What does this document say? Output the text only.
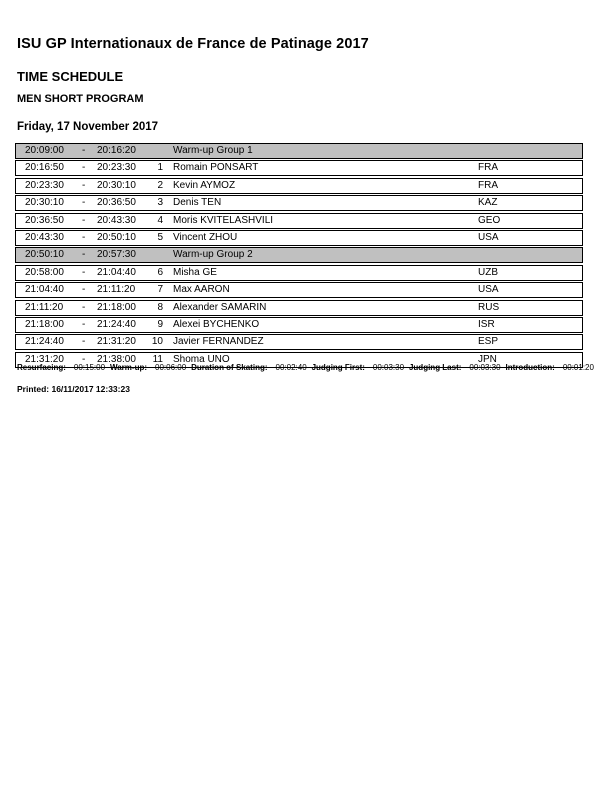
ISU GP Internationaux de France de Patinage 2017
TIME SCHEDULE
MEN SHORT PROGRAM
Friday, 17 November 2017
20:09:00 - 20:16:20	Warm-up Group 1
20:16:50 - 20:23:30	1 Romain PONSART	FRA
20:23:30 - 20:30:10	2 Kevin AYMOZ	FRA
20:30:10 - 20:36:50	3 Denis TEN	KAZ
20:36:50 - 20:43:30	4 Moris KVITELASHVILI	GEO
20:43:30 - 20:50:10	5 Vincent ZHOU	USA
20:50:10 - 20:57:30	Warm-up Group 2
20:58:00 - 21:04:40	6 Misha GE	UZB
21:04:40 - 21:11:20	7 Max AARON	USA
21:11:20 - 21:18:00	8 Alexander SAMARIN	RUS
21:18:00 - 21:24:40	9 Alexei BYCHENKO	ISR
21:24:40 - 21:31:20	10 Javier FERNANDEZ	ESP
21:31:20 - 21:38:00	11 Shoma UNO	JPN
Resurfacing: 00:15:00 Warm-up: 00:06:00 Duration of Skating: 00:02:40 Judging First: 00:03:30 Judging Last: 00:03:30 Introduction: 00:01:20
Printed: 16/11/2017 12:33:23
